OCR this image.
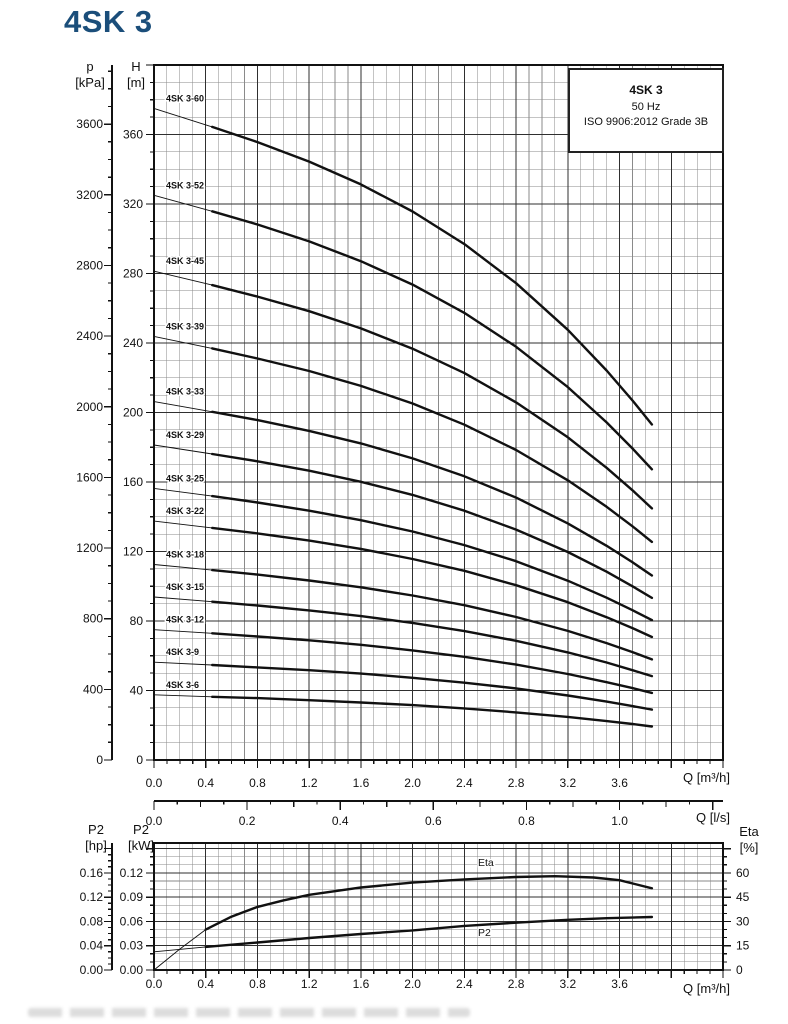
4SK 3
0
40
80
120
160
200
240
280
320
360
0
400
800
1200
1600
2000
2400
2800
3200
3600
0.0	0.4	0.8	1.2	1.6	2.0	2.4	2.8	3.2	3.6
0.0	0.2	0.4	0.6	0.8	1.0
4SK 3-60
4SK 3-52
4SK 3-45
4SK 3-39
4SK 3-33
4SK 3-29
4SK 3-25
4SK 3-22
4SK 3-18
4SK 3-15
4SK 3-12
4SK 3-9
4SK 3-6
0.00
0.03
0.06
0.09
0.12
0.00
0.04
0.08
0.12
0.16
0
15
30
45
60
0.0	0.4	0.8	1.2	1.6	2.0	2.4	2.8	3.2	3.6
Eta
P2
p
[kPa]
H
[m]
Q [m³/h]
Q [l/s]
P2
[hp]
P2
[kW]
Eta
[%]
Q [m³/h]
4SK 3
50 Hz
ISO 9906:2012 Grade 3B
